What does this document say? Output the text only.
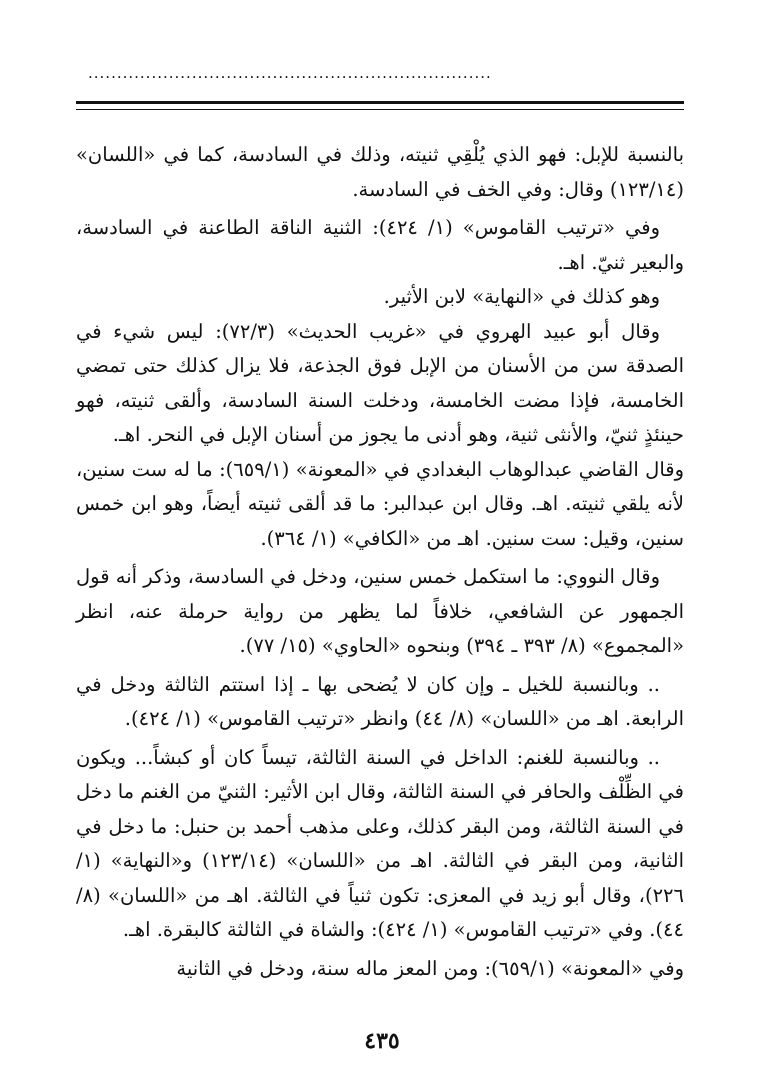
......................................................................

بالنسبة للإبل: فهو الذي يُلْقِي ثنيته، وذلك في السادسة، كما في «اللسان» (١٢٣/١٤) وقال: وفي الخف في السادسة.

وفي «ترتيب القاموس» (١/ ٤٢٤): الثنية الناقة الطاعنة في السادسة، والبعير ثنيّ. اهـ.

وهو كذلك في «النهاية» لابن الأثير.

وقال أبو عبيد الهروي في «غريب الحديث» (٧٢/٣): ليس شيء في الصدقة سن من الأسنان من الإبل فوق الجذعة، فلا يزال كذلك حتى تمضي الخامسة، فإذا مضت الخامسة، ودخلت السنة السادسة، وألقى ثنيته، فهو حينئذٍ ثنيّ، والأنثى ثنية، وهو أدنى ما يجوز من أسنان الإبل في النحر. اهـ.

وقال القاضي عبدالوهاب البغدادي في «المعونة» (٦٥٩/١): ما له ست سنين، لأنه يلقي ثنيته. اهـ. وقال ابن عبدالبر: ما قد ألقى ثنيته أيضاً، وهو ابن خمس سنين، وقيل: ست سنين. اهـ من «الكافي» (١/ ٣٦٤).

وقال النووي: ما استكمل خمس سنين، ودخل في السادسة، وذكر أنه قول الجمهور عن الشافعي، خلافاً لما يظهر من رواية حرملة عنه، انظر «المجموع» (٨/ ٣٩٣ ـ ٣٩٤) وبنحوه «الحاوي» (١٥/ ٧٧).

.. وبالنسبة للخيل ـ وإن كان لا يُضحى بها ـ إذا استتم الثالثة ودخل في الرابعة. اهـ من «اللسان» (٨/ ٤٤) وانظر «ترتيب القاموس» (١/ ٤٢٤).

.. وبالنسبة للغنم: الداخل في السنة الثالثة، تيساً كان أو كبشاً... ويكون في الظِّلْف والحافر في السنة الثالثة، وقال ابن الأثير: الثنيّ من الغنم ما دخل في السنة الثالثة، ومن البقر كذلك، وعلى مذهب أحمد بن حنبل: ما دخل في الثانية، ومن البقر في الثالثة. اهـ من «اللسان» (١٢٣/١٤) و«النهاية» (١/ ٢٢٦)، وقال أبو زيد في المعزى: تكون ثنياً في الثالثة. اهـ من «اللسان» (٨/ ٤٤). وفي «ترتيب القاموس» (١/ ٤٢٤): والشاة في الثالثة كالبقرة. اهـ.

وفي «المعونة» (٦٥٩/١): ومن المعز ماله سنة، ودخل في الثانية

٤٣٥
